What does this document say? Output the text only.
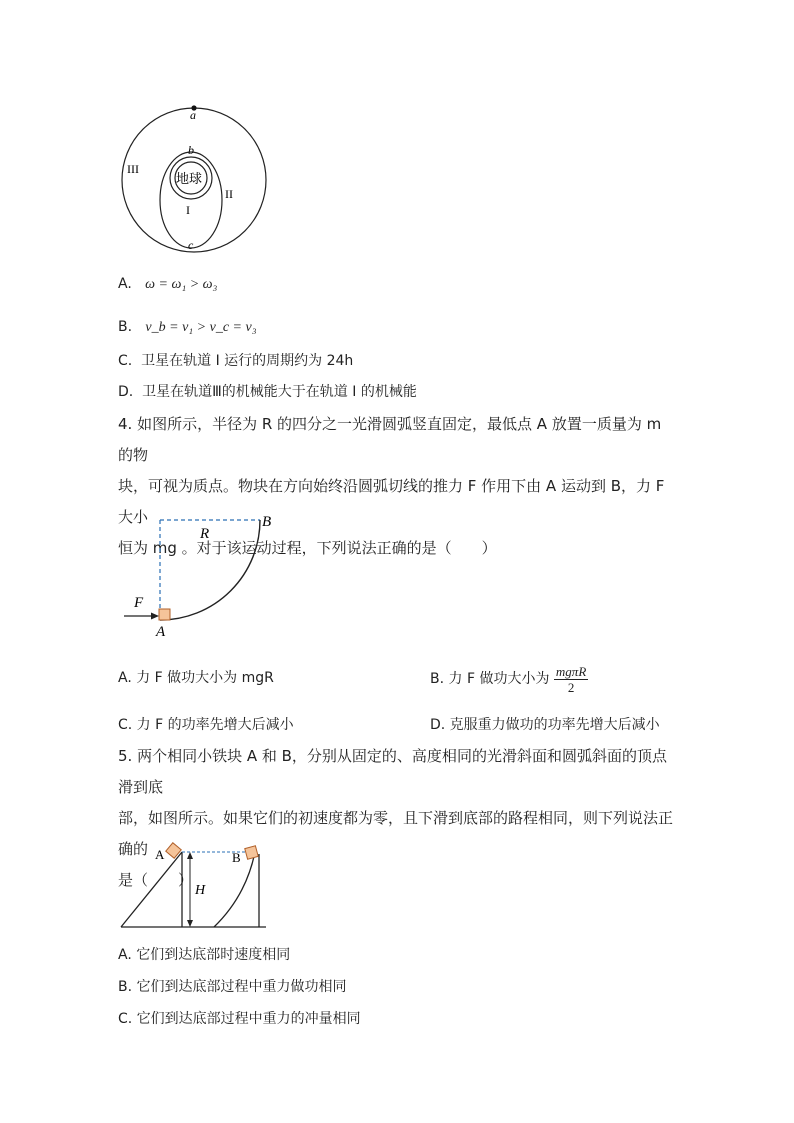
a
b
c
地球
I
II
III
A. ω = ω₁ > ω₃
B. v_b = v₁ > v_c = v₃
C. 卫星在轨道 I 运行的周期约为 24h
D. 卫星在轨道Ⅲ的机械能大于在轨道 I 的机械能
4. 如图所示，半径为 R 的四分之一光滑圆弧竖直固定，最低点 A 放置一质量为 m 的物
块，可视为质点。物块在方向始终沿圆弧切线的推力 F 作用下由 A 运动到 B，力 F 大小
恒为 mg 。对于该运动过程，下列说法正确的是（　　）
R
B
A
F
A. 力 F 做功大小为 mgR	B. 力 F 做功大小为 $\frac{\text{mgπR}}{2}$
C. 力 F 的功率先增大后减小	D. 克服重力做功的功率先增大后减小
5. 两个相同小铁块 A 和 B，分别从固定的、高度相同的光滑斜面和圆弧斜面的顶点滑到底
部，如图所示。如果它们的初速度都为零，且下滑到底部的路程相同，则下列说法正确的
是（　　）
A	B
H
A. 它们到达底部时速度相同
B. 它们到达底部过程中重力做功相同
C. 它们到达底部过程中重力的冲量相同
